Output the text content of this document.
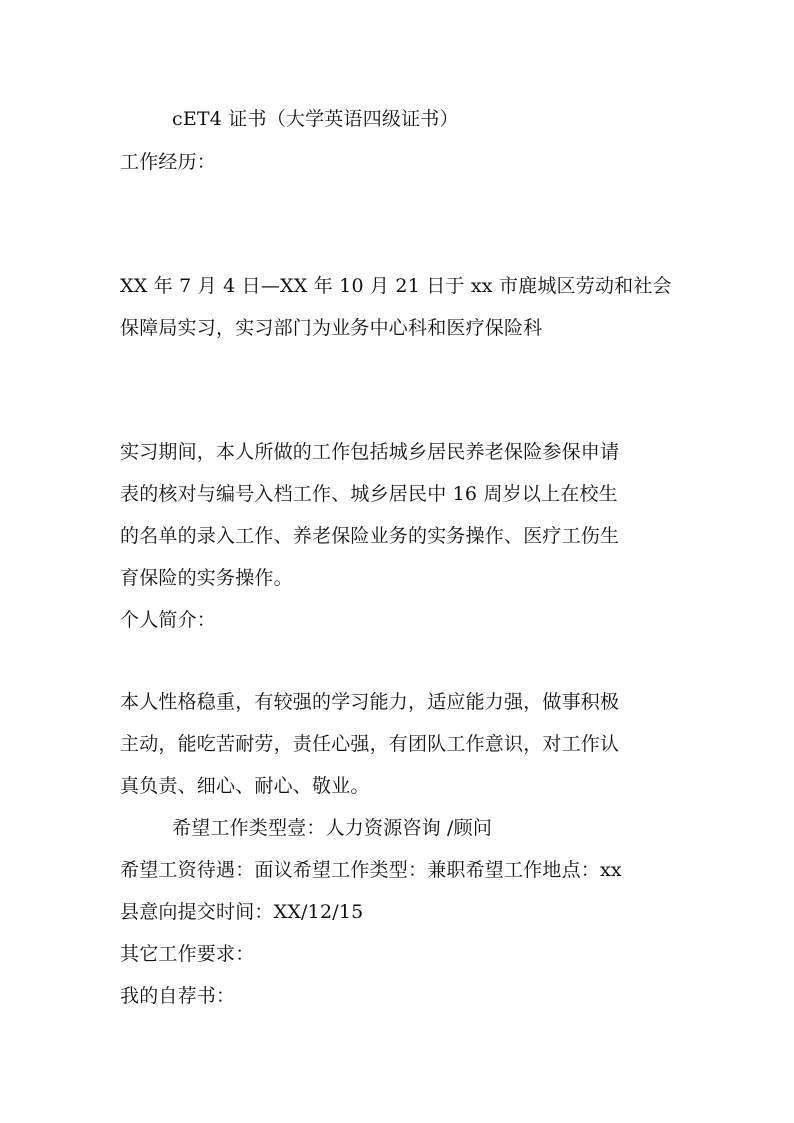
cET4 证书（大学英语四级证书）
工作经历：
XX 年 7 月 4 日—XX 年 10 月 21 日于 xx 市鹿城区劳动和社会
保障局实习，实习部门为业务中心科和医疗保险科
实习期间，本人所做的工作包括城乡居民养老保险参保申请
表的核对与编号入档工作、城乡居民中 16 周岁以上在校生
的名单的录入工作、养老保险业务的实务操作、医疗工伤生
育保险的实务操作。
个人简介：
本人性格稳重，有较强的学习能力，适应能力强，做事积极
主动，能吃苦耐劳，责任心强，有团队工作意识，对工作认
真负责、细心、耐心、敬业。
希望工作类型壹：人力资源咨询 /顾问
希望工资待遇：面议希望工作类型：兼职希望工作地点：xx
县意向提交时间：XX/12/15
其它工作要求：
我的自荐书：
